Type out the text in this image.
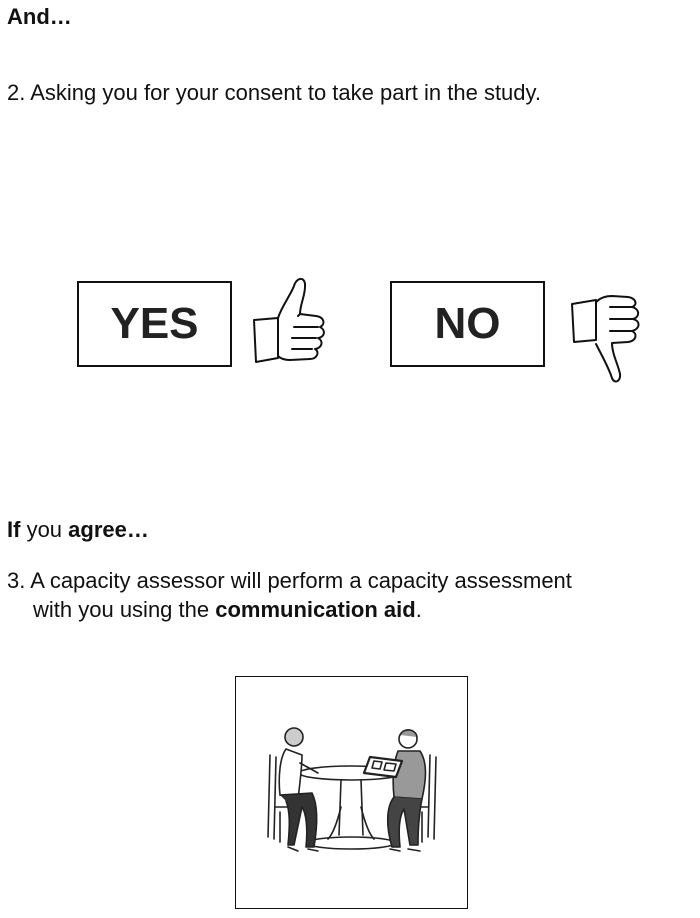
And…
2. Asking you for your consent to take part in the study.
YES	NO
If you agree…
3. A capacity assessor will perform a capacity assessment
with you using the communication aid.
